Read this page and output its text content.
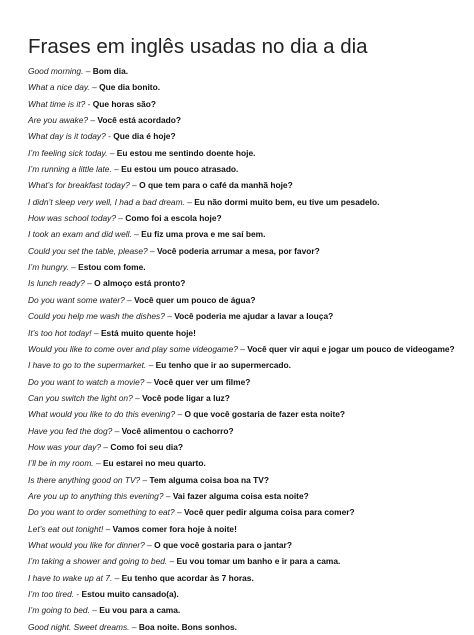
Frases em inglês usadas no dia a dia
Good morning. – Bom dia.
What a nice day. – Que dia bonito.
What time is it? - Que horas são?
Are you awake? – Você está acordado?
What day is it today? - Que dia é hoje?
I’m feeling sick today. – Eu estou me sentindo doente hoje.
I’m running a little late. – Eu estou um pouco atrasado.
What’s for breakfast today? – O que tem para o café da manhã hoje?
I didn’t sleep very well, I had a bad dream. – Eu não dormi muito bem, eu tive um pesadelo.
How was school today? – Como foi a escola hoje?
I took an exam and did well. – Eu fiz uma prova e me saí bem.
Could you set the table, please? – Você poderia arrumar a mesa, por favor?
I’m hungry. – Estou com fome.
Is lunch ready? – O almoço está pronto?
Do you want some water? – Você quer um pouco de água?
Could you help me wash the dishes? – Você poderia me ajudar a lavar a louça?
It’s too hot today! – Está muito quente hoje!
Would you like to come over and play some videogame? – Você quer vir aqui e jogar um pouco de videogame?
I have to go to the supermarket. – Eu tenho que ir ao supermercado.
Do you want to watch a movie? – Você quer ver um filme?
Can you switch the light on? – Você pode ligar a luz?
What would you like to do this evening? – O que você gostaria de fazer esta noite?
Have you fed the dog? – Você alimentou o cachorro?
How was your day? – Como foi seu dia?
I’ll be in my room. – Eu estarei no meu quarto.
Is there anything good on TV? – Tem alguma coisa boa na TV?
Are you up to anything this evening? – Vai fazer alguma coisa esta noite?
Do you want to order something to eat? – Você quer pedir alguma coisa para comer?
Let’s eat out tonight! – Vamos comer fora hoje à noite!
What would you like for dinner? – O que você gostaria para o jantar?
I’m taking a shower and going to bed. – Eu vou tomar um banho e ir para a cama.
I have to wake up at 7. – Eu tenho que acordar às 7 horas.
I’m too tired. - Estou muito cansado(a).
I’m going to bed. – Eu vou para a cama.
Good night. Sweet dreams. – Boa noite. Bons sonhos.
